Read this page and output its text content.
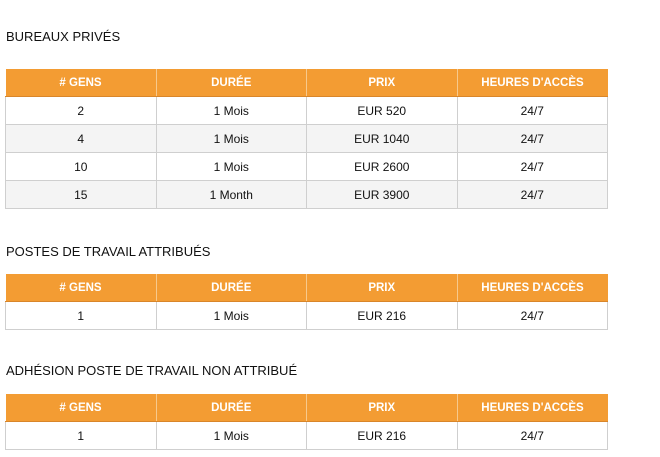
BUREAUX PRIVÉS
# GENS	DURÉE	PRIX	HEURES D'ACCÈS
2	1 Mois	EUR 520	24/7
4	1 Mois	EUR 1040	24/7
10	1 Mois	EUR 2600	24/7
15	1 Month	EUR 3900	24/7
POSTES DE TRAVAIL ATTRIBUÉS
# GENS	DURÉE	PRIX	HEURES D'ACCÈS
1	1 Mois	EUR 216	24/7
ADHÉSION POSTE DE TRAVAIL NON ATTRIBUÉ
# GENS	DURÉE	PRIX	HEURES D'ACCÈS
1	1 Mois	EUR 216	24/7
